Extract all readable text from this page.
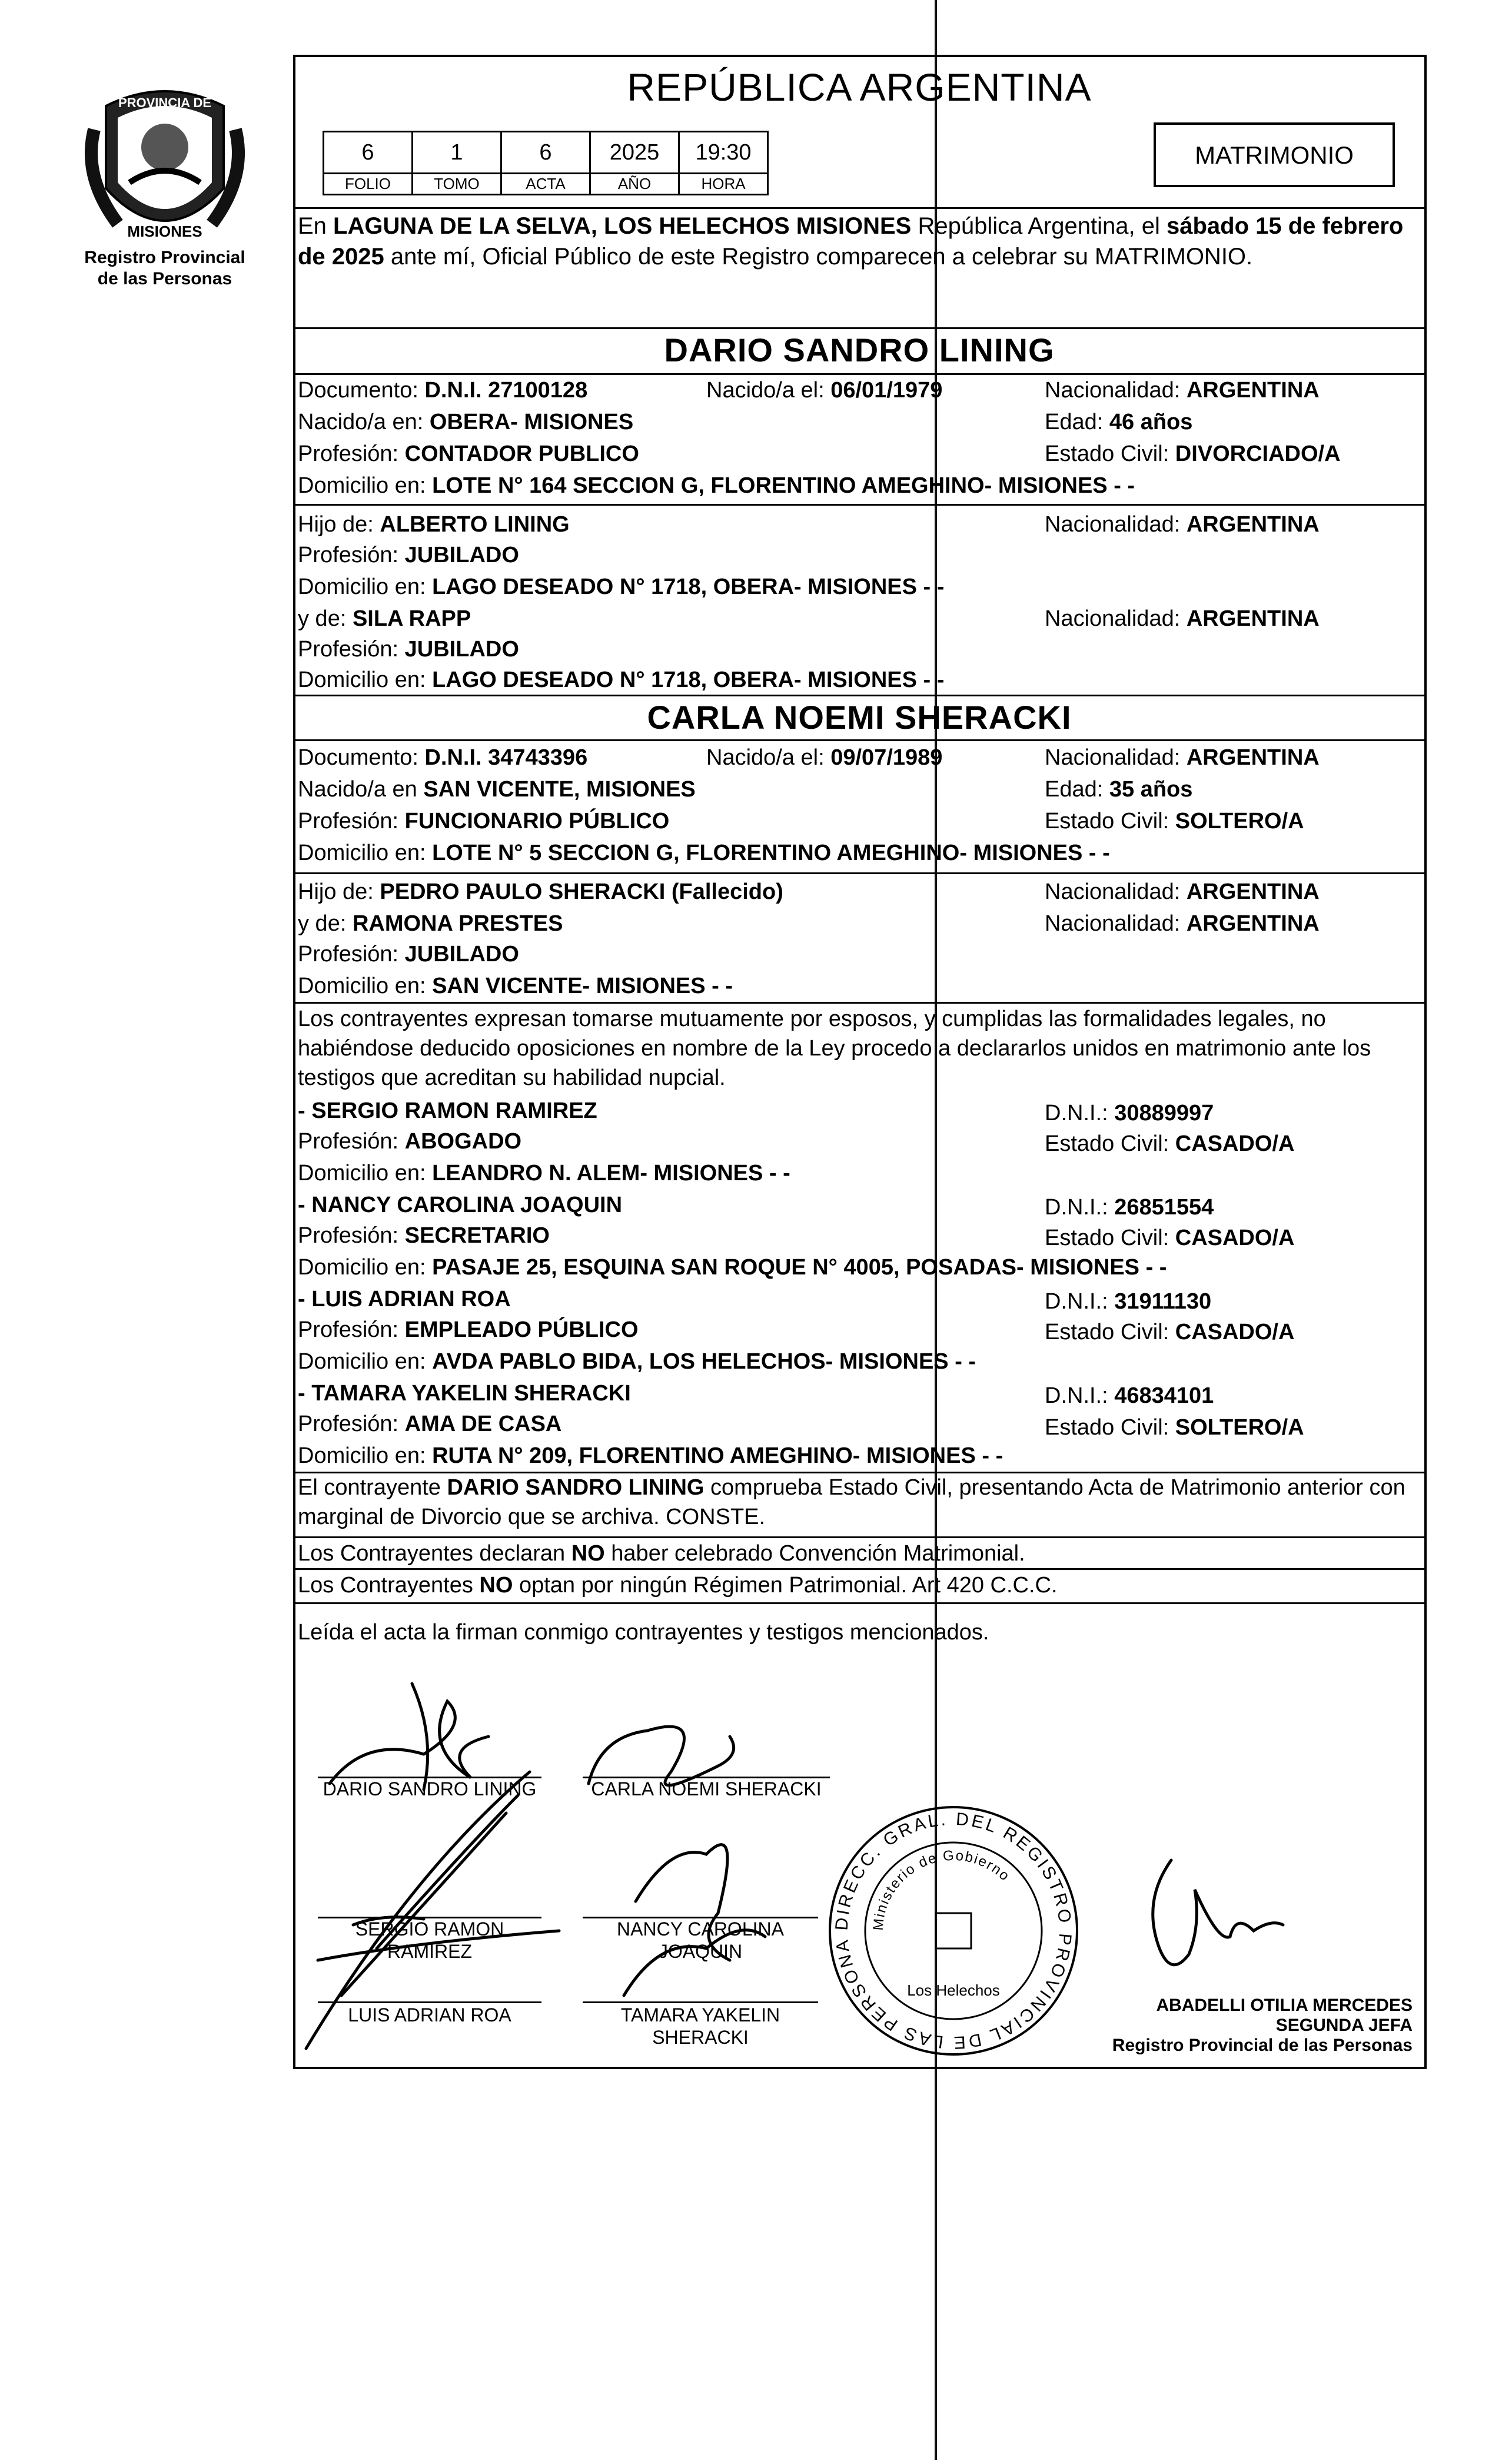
PROVINCIA DE
MISIONES
Registro Provincial
de las Personas
REPÚBLICA ARGENTINA
6	1	6	2025	19:30
FOLIO	TOMO	ACTA	AÑO	HORA
MATRIMONIO
En LAGUNA DE LA SELVA, LOS HELECHOS MISIONES República Argentina, el sábado 15 de febrero de 2025 ante mí, Oficial Público de este Registro comparecen a celebrar su MATRIMONIO.
DARIO SANDRO LINING
Documento: D.N.I. 27100128	Nacido/a el: 06/01/1979	Nacionalidad: ARGENTINA
Nacido/a en: OBERA- MISIONES	Edad: 46 años
Profesión: CONTADOR PUBLICO	Estado Civil: DIVORCIADO/A
Domicilio en: LOTE N° 164 SECCION G, FLORENTINO AMEGHINO- MISIONES - -
Hijo de: ALBERTO LINING	Nacionalidad: ARGENTINA
Profesión: JUBILADO
Domicilio en: LAGO DESEADO N° 1718, OBERA- MISIONES - -
y de: SILA RAPP	Nacionalidad: ARGENTINA
Profesión: JUBILADO
Domicilio en: LAGO DESEADO N° 1718, OBERA- MISIONES - -
CARLA NOEMI SHERACKI
Documento: D.N.I. 34743396	Nacido/a el: 09/07/1989	Nacionalidad: ARGENTINA
Nacido/a en SAN VICENTE, MISIONES	Edad: 35 años
Profesión: FUNCIONARIO PÚBLICO	Estado Civil: SOLTERO/A
Domicilio en: LOTE N° 5 SECCION G, FLORENTINO AMEGHINO- MISIONES - -
Hijo de: PEDRO PAULO SHERACKI (Fallecido)	Nacionalidad: ARGENTINA
y de: RAMONA PRESTES	Nacionalidad: ARGENTINA
Profesión: JUBILADO
Domicilio en: SAN VICENTE- MISIONES - -
Los contrayentes expresan tomarse mutuamente por esposos, y cumplidas las formalidades legales, no habiéndose deducido oposiciones en nombre de la Ley procedo a declararlos unidos en matrimonio ante los testigos que acreditan su habilidad nupcial.
- SERGIO RAMON RAMIREZ	D.N.I.: 30889997
Profesión: ABOGADO	Estado Civil: CASADO/A
Domicilio en: LEANDRO N. ALEM- MISIONES - -
- NANCY CAROLINA JOAQUIN	D.N.I.: 26851554
Profesión: SECRETARIO	Estado Civil: CASADO/A
Domicilio en: PASAJE 25, ESQUINA SAN ROQUE N° 4005, POSADAS- MISIONES - -
- LUIS ADRIAN ROA	D.N.I.: 31911130
Profesión: EMPLEADO PÚBLICO	Estado Civil: CASADO/A
Domicilio en: AVDA PABLO BIDA, LOS HELECHOS- MISIONES - -
- TAMARA YAKELIN SHERACKI	D.N.I.: 46834101
Profesión: AMA DE CASA	Estado Civil: SOLTERO/A
Domicilio en: RUTA N° 209, FLORENTINO AMEGHINO- MISIONES - -
El contrayente DARIO SANDRO LINING comprueba Estado Civil, presentando Acta de Matrimonio anterior con marginal de Divorcio que se archiva. CONSTE.
Los Contrayentes declaran NO haber celebrado Convención Matrimonial.
Los Contrayentes NO optan por ningún Régimen Patrimonial. Art 420 C.C.C.
Leída el acta la firman conmigo contrayentes y testigos mencionados.
DARIO SANDRO LINING	CARLA NOEMI SHERACKI
SERGIO RAMON
RAMIREZ
NANCY CAROLINA
JOAQUIN
LUIS ADRIAN ROA	TAMARA YAKELIN
SHERACKI
DIRECC. GRAL. DEL REGISTRO PROVINCIAL DE LAS PERSONA
Ministerio de Gobierno
Los Helechos
ABADELLI OTILIA MERCEDES
SEGUNDA JEFA
Registro Provincial de las Personas
